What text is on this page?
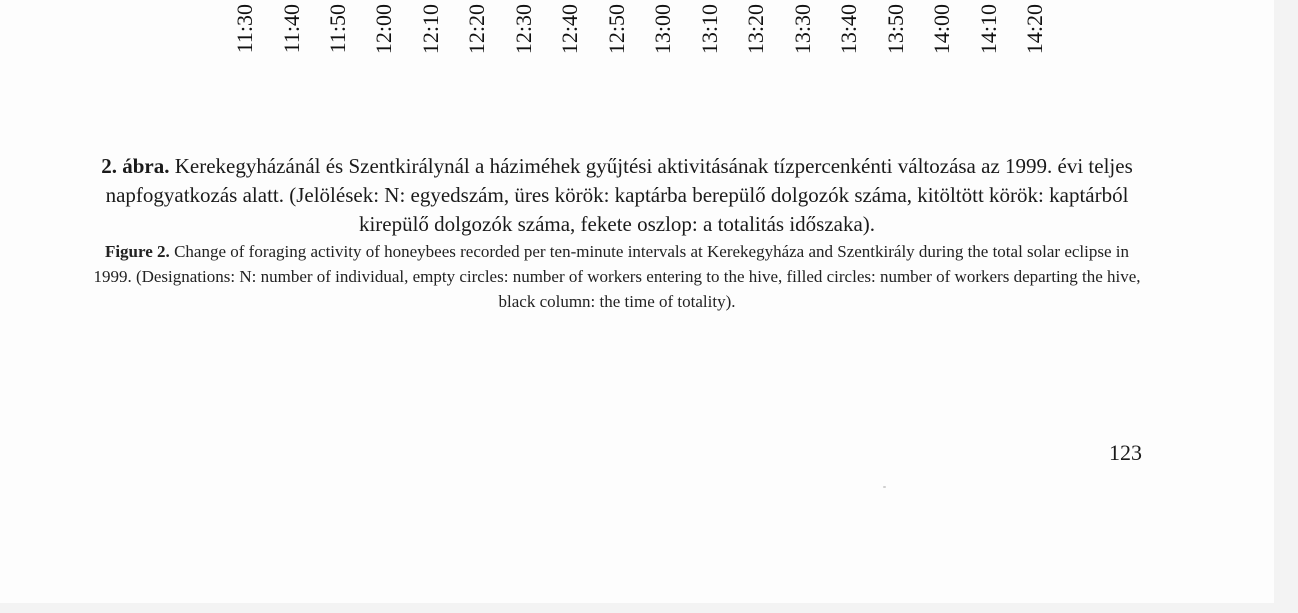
11:30 11:40 11:50 12:00 12:10 12:20 12:30 12:40 12:50 13:00 13:10 13:20 13:30 13:40 13:50 14:00 14:10 14:20

2. ábra. Kerekegyházánál és Szentkirálynál a háziméhek gyűjtési aktivitásának tízpercenkénti változása az 1999. évi teljes napfogyatkozás alatt. (Jelölések: N: egyedszám, üres körök: kaptárba berepülő dolgozók száma, kitöltött körök: kaptárból kirepülő dolgozók száma, fekete oszlop: a totalitás időszaka).

Figure 2. Change of foraging activity of honeybees recorded per ten-minute intervals at Kerekegyháza and Szentkirály during the total solar eclipse in 1999. (Designations: N: number of individual, empty circles: number of workers entering to the hive, filled circles: number of workers departing the hive, black column: the time of totality).

123
